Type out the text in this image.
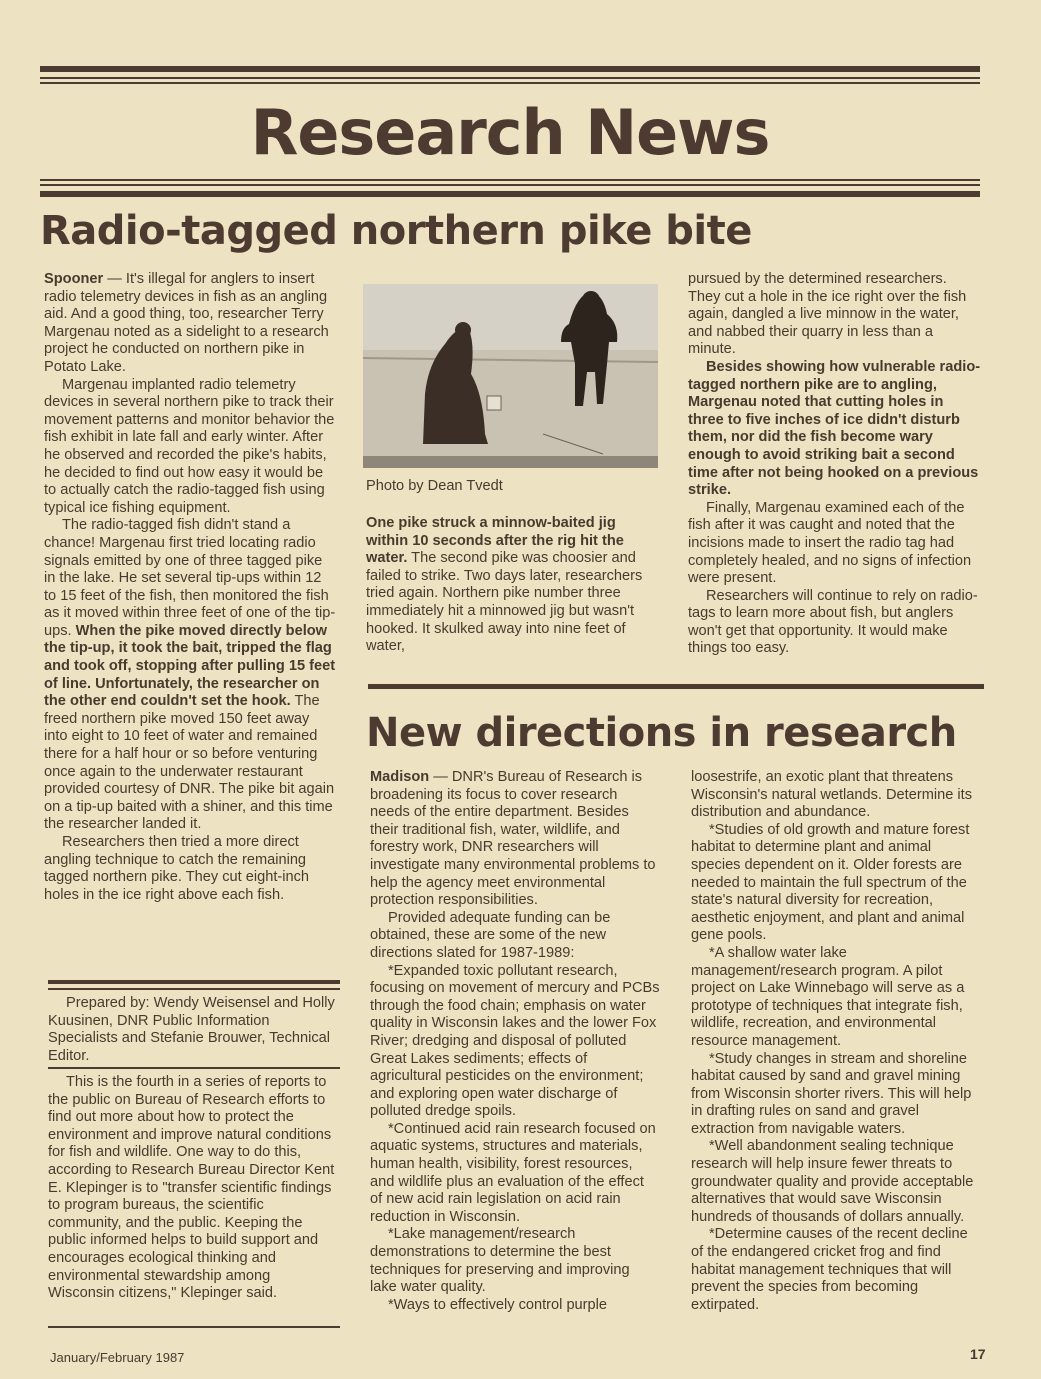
Research News
Radio-tagged northern pike bite

Spooner — It's illegal for anglers to insert radio telemetry devices in fish as an angling aid. And a good thing, too, researcher Terry Margenau noted as a sidelight to a research project he conducted on northern pike in Potato Lake.

Margenau implanted radio telemetry devices in several northern pike to track their movement patterns and monitor behavior the fish exhibit in late fall and early winter. After he observed and recorded the pike's habits, he decided to find out how easy it would be to actually catch the radio-tagged fish using typical ice fishing equipment.

The radio-tagged fish didn't stand a chance! Margenau first tried locating radio signals emitted by one of three tagged pike in the lake. He set several tip-ups within 12 to 15 feet of the fish, then monitored the fish as it moved within three feet of one of the tip-ups. When the pike moved directly below the tip-up, it took the bait, tripped the flag and took off, stopping after pulling 15 feet of line. Unfortunately, the researcher on the other end couldn't set the hook. The freed northern pike moved 150 feet away into eight to 10 feet of water and remained there for a half hour or so before venturing once again to the underwater restaurant provided courtesy of DNR. The pike bit again on a tip-up baited with a shiner, and this time the researcher landed it.

Researchers then tried a more direct angling technique to catch the remaining tagged northern pike. They cut eight-inch holes in the ice right above each fish.

Photo by Dean Tvedt

One pike struck a minnow-baited jig within 10 seconds after the rig hit the water. The second pike was choosier and failed to strike. Two days later, researchers tried again. Northern pike number three immediately hit a minnowed jig but wasn't hooked. It skulked away into nine feet of water,

pursued by the determined researchers. They cut a hole in the ice right over the fish again, dangled a live minnow in the water, and nabbed their quarry in less than a minute.

Besides showing how vulnerable radio-tagged northern pike are to angling, Margenau noted that cutting holes in three to five inches of ice didn't disturb them, nor did the fish become wary enough to avoid striking bait a second time after not being hooked on a previous strike.

Finally, Margenau examined each of the fish after it was caught and noted that the incisions made to insert the radio tag had completely healed, and no signs of infection were present.

Researchers will continue to rely on radio-tags to learn more about fish, but anglers won't get that opportunity. It would make things too easy.

Prepared by: Wendy Weisensel and Holly Kuusinen, DNR Public Information Specialists and Stefanie Brouwer, Technical Editor.

This is the fourth in a series of reports to the public on Bureau of Research efforts to find out more about how to protect the environment and improve natural conditions for fish and wildlife. One way to do this, according to Research Bureau Director Kent E. Klepinger is to "transfer scientific findings to program bureaus, the scientific community, and the public. Keeping the public informed helps to build support and encourages ecological thinking and environmental stewardship among Wisconsin citizens," Klepinger said.

New directions in research

Madison — DNR's Bureau of Research is broadening its focus to cover research needs of the entire department. Besides their traditional fish, water, wildlife, and forestry work, DNR researchers will investigate many environmental problems to help the agency meet environmental protection responsibilities.

Provided adequate funding can be obtained, these are some of the new directions slated for 1987-1989:

*Expanded toxic pollutant research, focusing on movement of mercury and PCBs through the food chain; emphasis on water quality in Wisconsin lakes and the lower Fox River; dredging and disposal of polluted Great Lakes sediments; effects of agricultural pesticides on the environment; and exploring open water discharge of polluted dredge spoils.

*Continued acid rain research focused on aquatic systems, structures and materials, human health, visibility, forest resources, and wildlife plus an evaluation of the effect of new acid rain legislation on acid rain reduction in Wisconsin.

*Lake management/research demonstrations to determine the best techniques for preserving and improving lake water quality.

*Ways to effectively control purple

loosestrife, an exotic plant that threatens Wisconsin's natural wetlands. Determine its distribution and abundance.

*Studies of old growth and mature forest habitat to determine plant and animal species dependent on it. Older forests are needed to maintain the full spectrum of the state's natural diversity for recreation, aesthetic enjoyment, and plant and animal gene pools.

*A shallow water lake management/research program. A pilot project on Lake Winnebago will serve as a prototype of techniques that integrate fish, wildlife, recreation, and environmental resource management.

*Study changes in stream and shoreline habitat caused by sand and gravel mining from Wisconsin shorter rivers. This will help in drafting rules on sand and gravel extraction from navigable waters.

*Well abandonment sealing technique research will help insure fewer threats to groundwater quality and provide acceptable alternatives that would save Wisconsin hundreds of thousands of dollars annually.

*Determine causes of the recent decline of the endangered cricket frog and find habitat management techniques that will prevent the species from becoming extirpated.

January/February 1987	17
